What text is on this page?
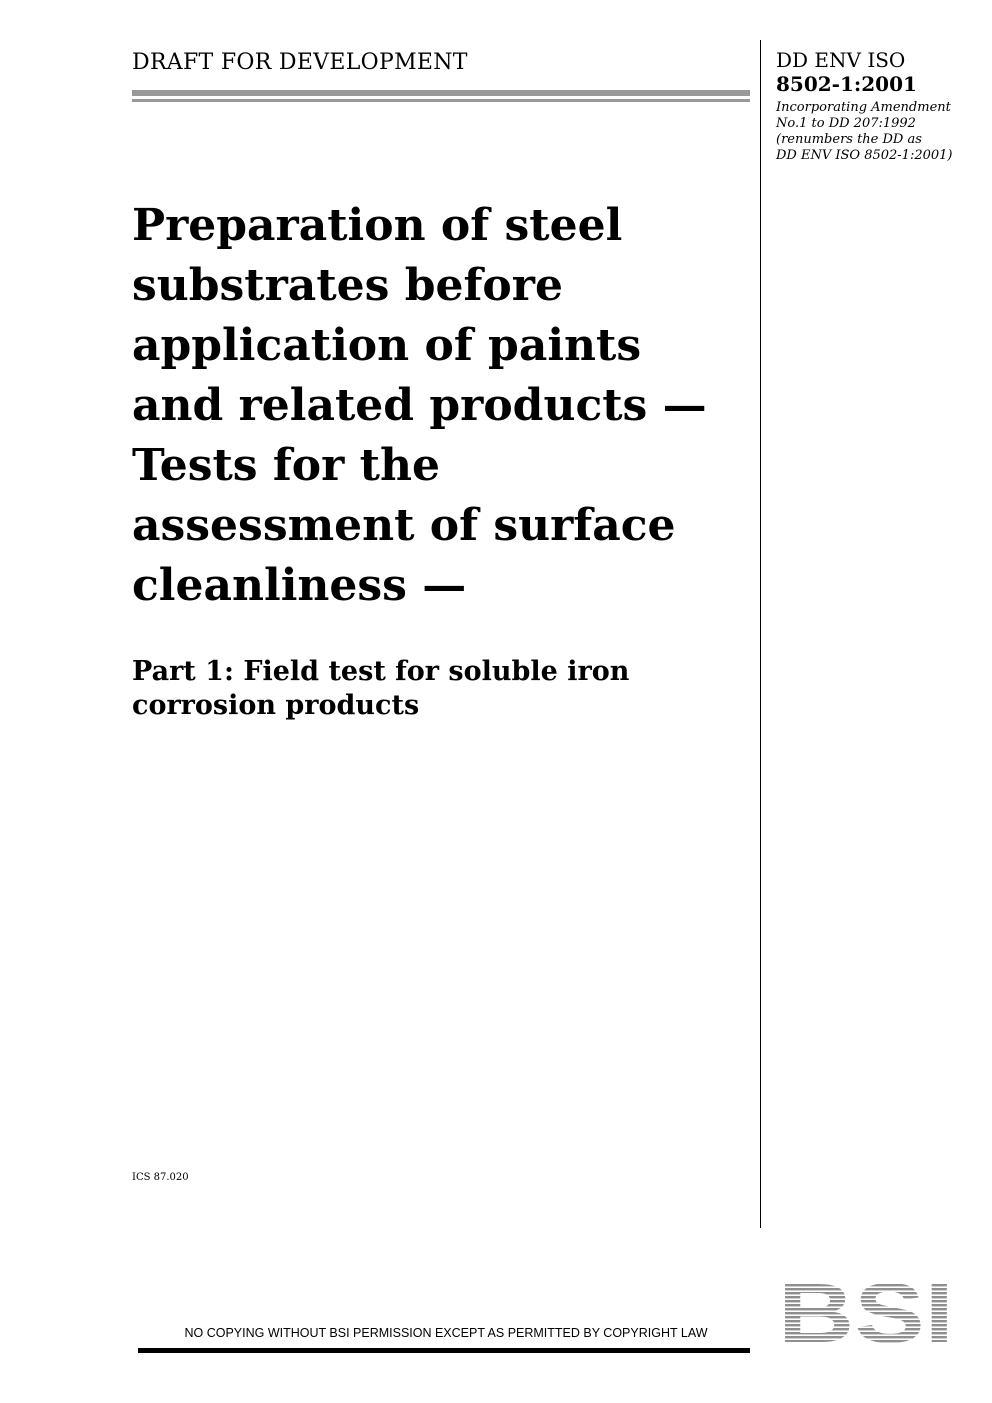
DRAFT FOR DEVELOPMENT	DD ENV ISO
8502-1:2001
Incorporating Amendment
No.1 to DD 207:1992
(renumbers the DD as
DD ENV ISO 8502-1:2001)
Preparation of steel
substrates before
application of paints
and related products —
Tests for the
assessment of surface
cleanliness —
Part 1: Field test for soluble iron
corrosion products
ICS 87.020
NO COPYING WITHOUT BSI PERMISSION EXCEPT AS PERMITTED BY COPYRIGHT LAW BSI
